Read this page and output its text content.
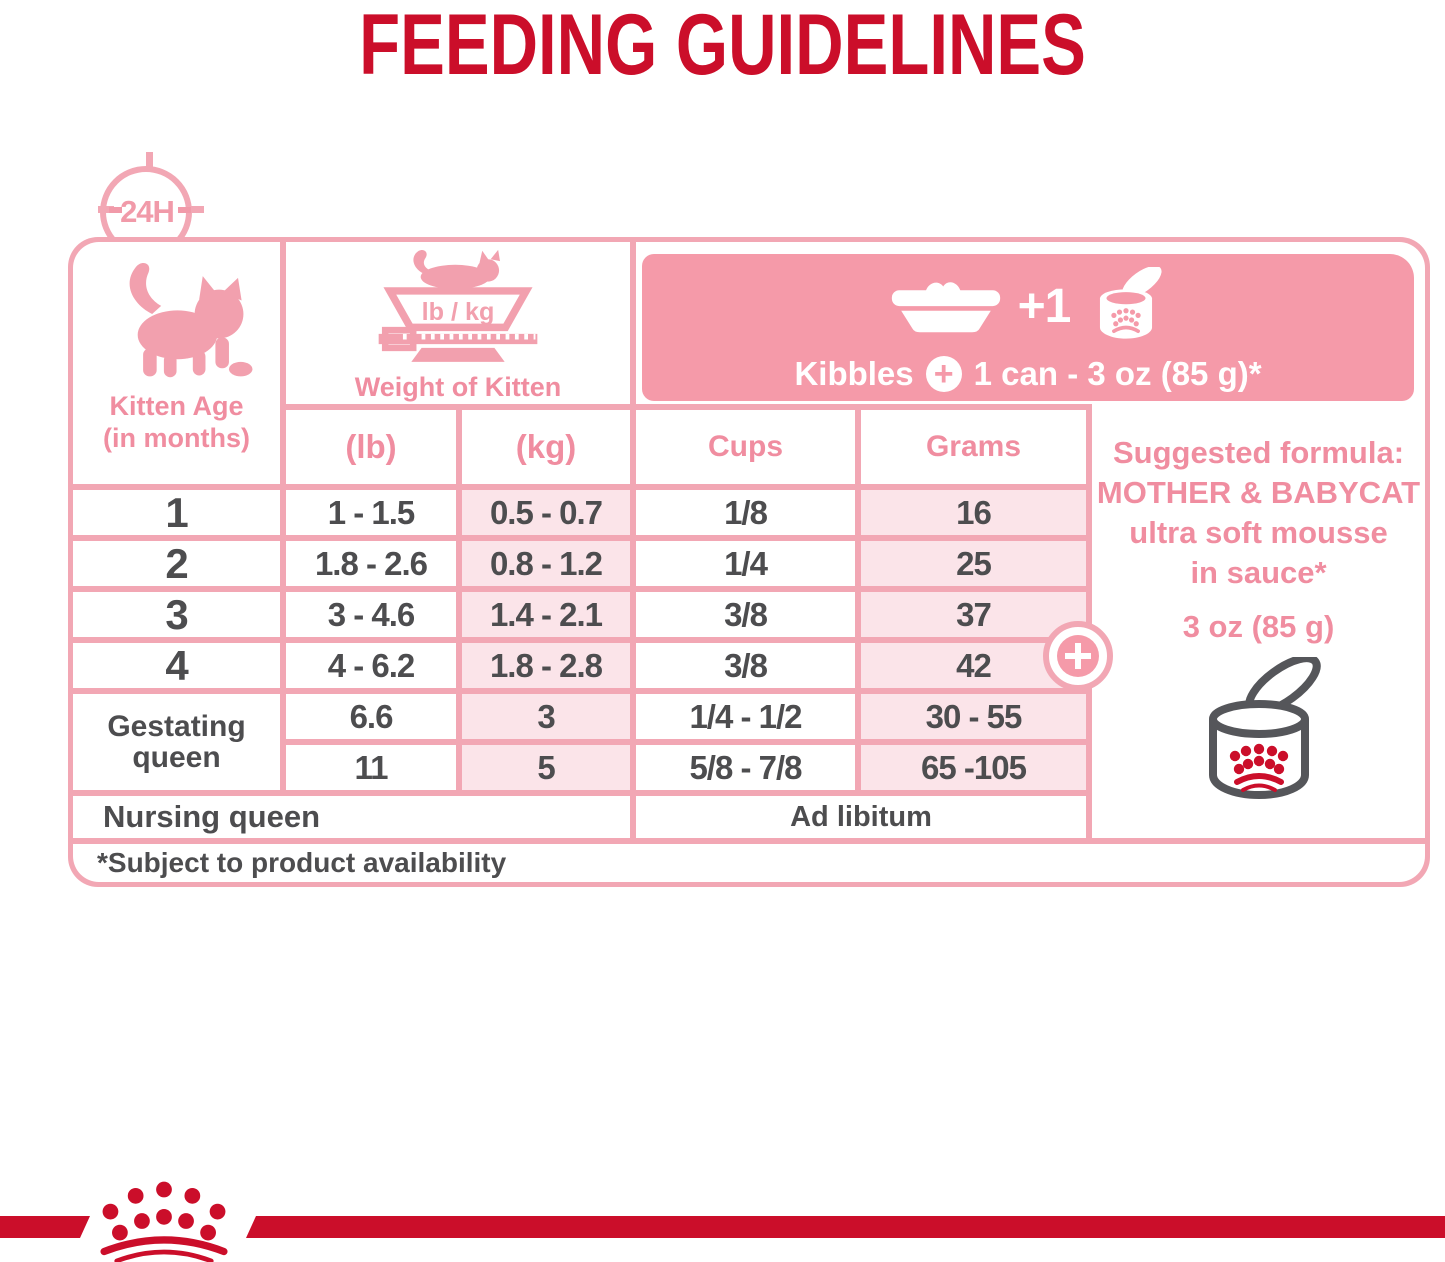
FEEDING GUIDELINES
24H
Kitten Age
(in months)
lb / kg
Weight of Kitten
+1
Kibbles + 1 can - 3 oz (85 g)*
(lb)	(kg)	Cups	Grams
1	1 - 1.5	0.5 - 0.7	1/8	16
2	1.8 - 2.6	0.8 - 1.2	1/4	25
3	3 - 4.6	1.4 - 2.1	3/8	37
4	4 - 6.2	1.8 - 2.8	3/8	42
Gestating
queen
6.6	3	1/4 - 1/2	30 - 55
11	5	5/8 - 7/8	65 -105
Nursing queen	Ad libitum
*Subject to product availability
Suggested formula:
MOTHER & BABYCAT
ultra soft mousse
in sauce*
3 oz (85 g)
